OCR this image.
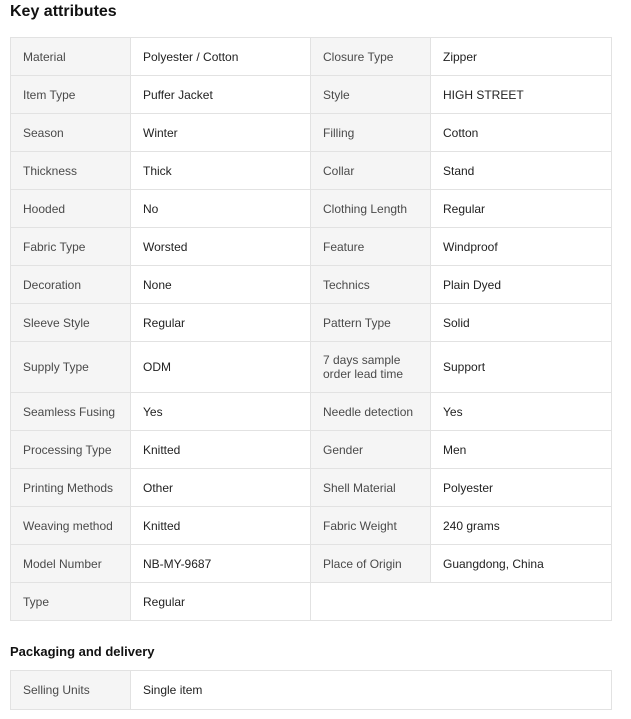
Key attributes
Material	Polyester / Cotton	Closure Type	Zipper
Item Type	Puffer Jacket	Style	HIGH STREET
Season	Winter	Filling	Cotton
Thickness	Thick	Collar	Stand
Hooded	No	Clothing Length	Regular
Fabric Type	Worsted	Feature	Windproof
Decoration	None	Technics	Plain Dyed
Sleeve Style	Regular	Pattern Type	Solid
Supply Type	ODM	7 days sample order lead time	Support
Seamless Fusing	Yes	Needle detection	Yes
Processing Type	Knitted	Gender	Men
Printing Methods	Other	Shell Material	Polyester
Weaving method	Knitted	Fabric Weight	240 grams
Model Number	NB-MY-9687	Place of Origin	Guangdong, China
Type	Regular		
Packaging and delivery
Selling Units	Single item
